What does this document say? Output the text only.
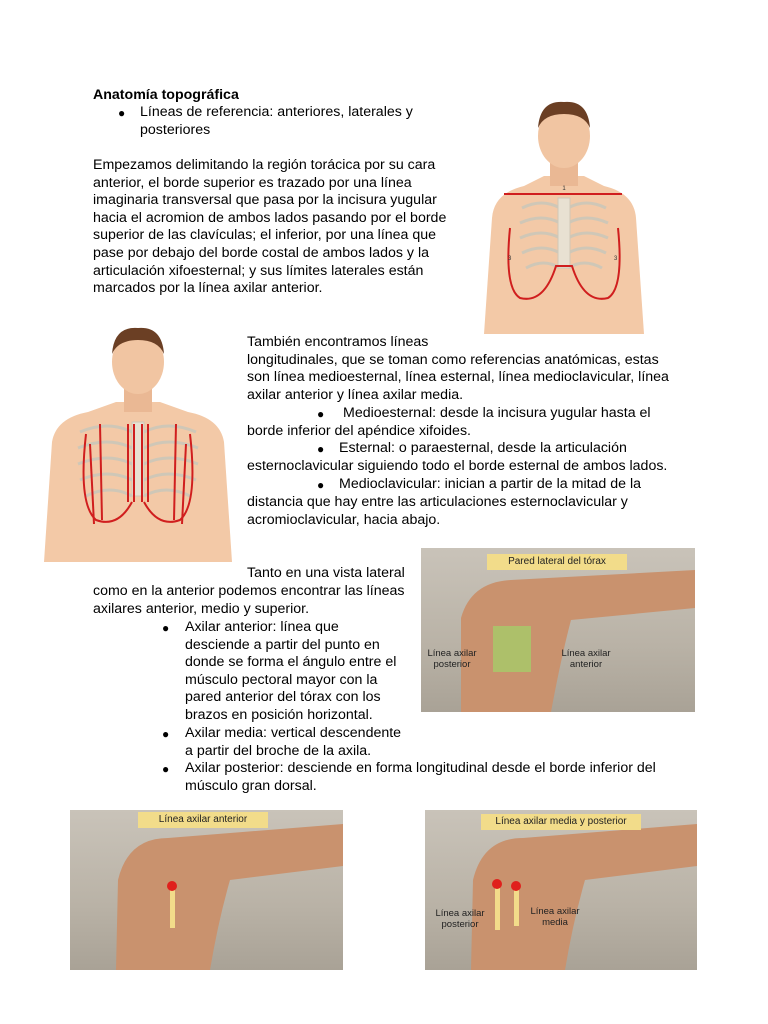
Anatomía topográfica
● Líneas de referencia: anteriores, laterales y
posteriores
Empezamos delimitando la región torácica por su cara
anterior, el borde superior es trazado por una línea
imaginaria transversal que pasa por la incisura yugular
hacia el acromion de ambos lados pasando por el borde
superior de las clavículas; el inferior, por una línea que
pase por debajo del borde costal de ambos lados y la
articulación xifoesternal; y sus límites laterales están
marcados por la línea axilar anterior.
1
3	3
También encontramos líneas
longitudinales, que se toman como referencias anatómicas, estas
son línea medioesternal, línea esternal, línea medioclavicular, línea
axilar anterior y línea axilar media.
● Medioesternal: desde la incisura yugular hasta el
borde inferior del apéndice xifoides.
● Esternal: o paraesternal, desde la articulación
esternoclavicular siguiendo todo el borde esternal de ambos lados.
● Medioclavicular: inician a partir de la mitad de la
distancia que hay entre las articulaciones esternoclavicular y
acromioclavicular, hacia abajo.
Tanto en una vista lateral
como en la anterior podemos encontrar las líneas
axilares anterior, medio y superior.
Pared lateral del tórax
Línea axilar
posterior
Línea axilar
anterior
● Axilar anterior: línea que
desciende a partir del punto en
donde se forma el ángulo entre el
músculo pectoral mayor con la
pared anterior del tórax con los
brazos en posición horizontal.
● Axilar media: vertical descendente
a partir del broche de la axila.
● Axilar posterior: desciende en forma longitudinal desde el borde inferior del
músculo gran dorsal.
Línea axilar anterior	Línea axilar media y posterior
Línea axilar
posterior
Línea axilar
media
